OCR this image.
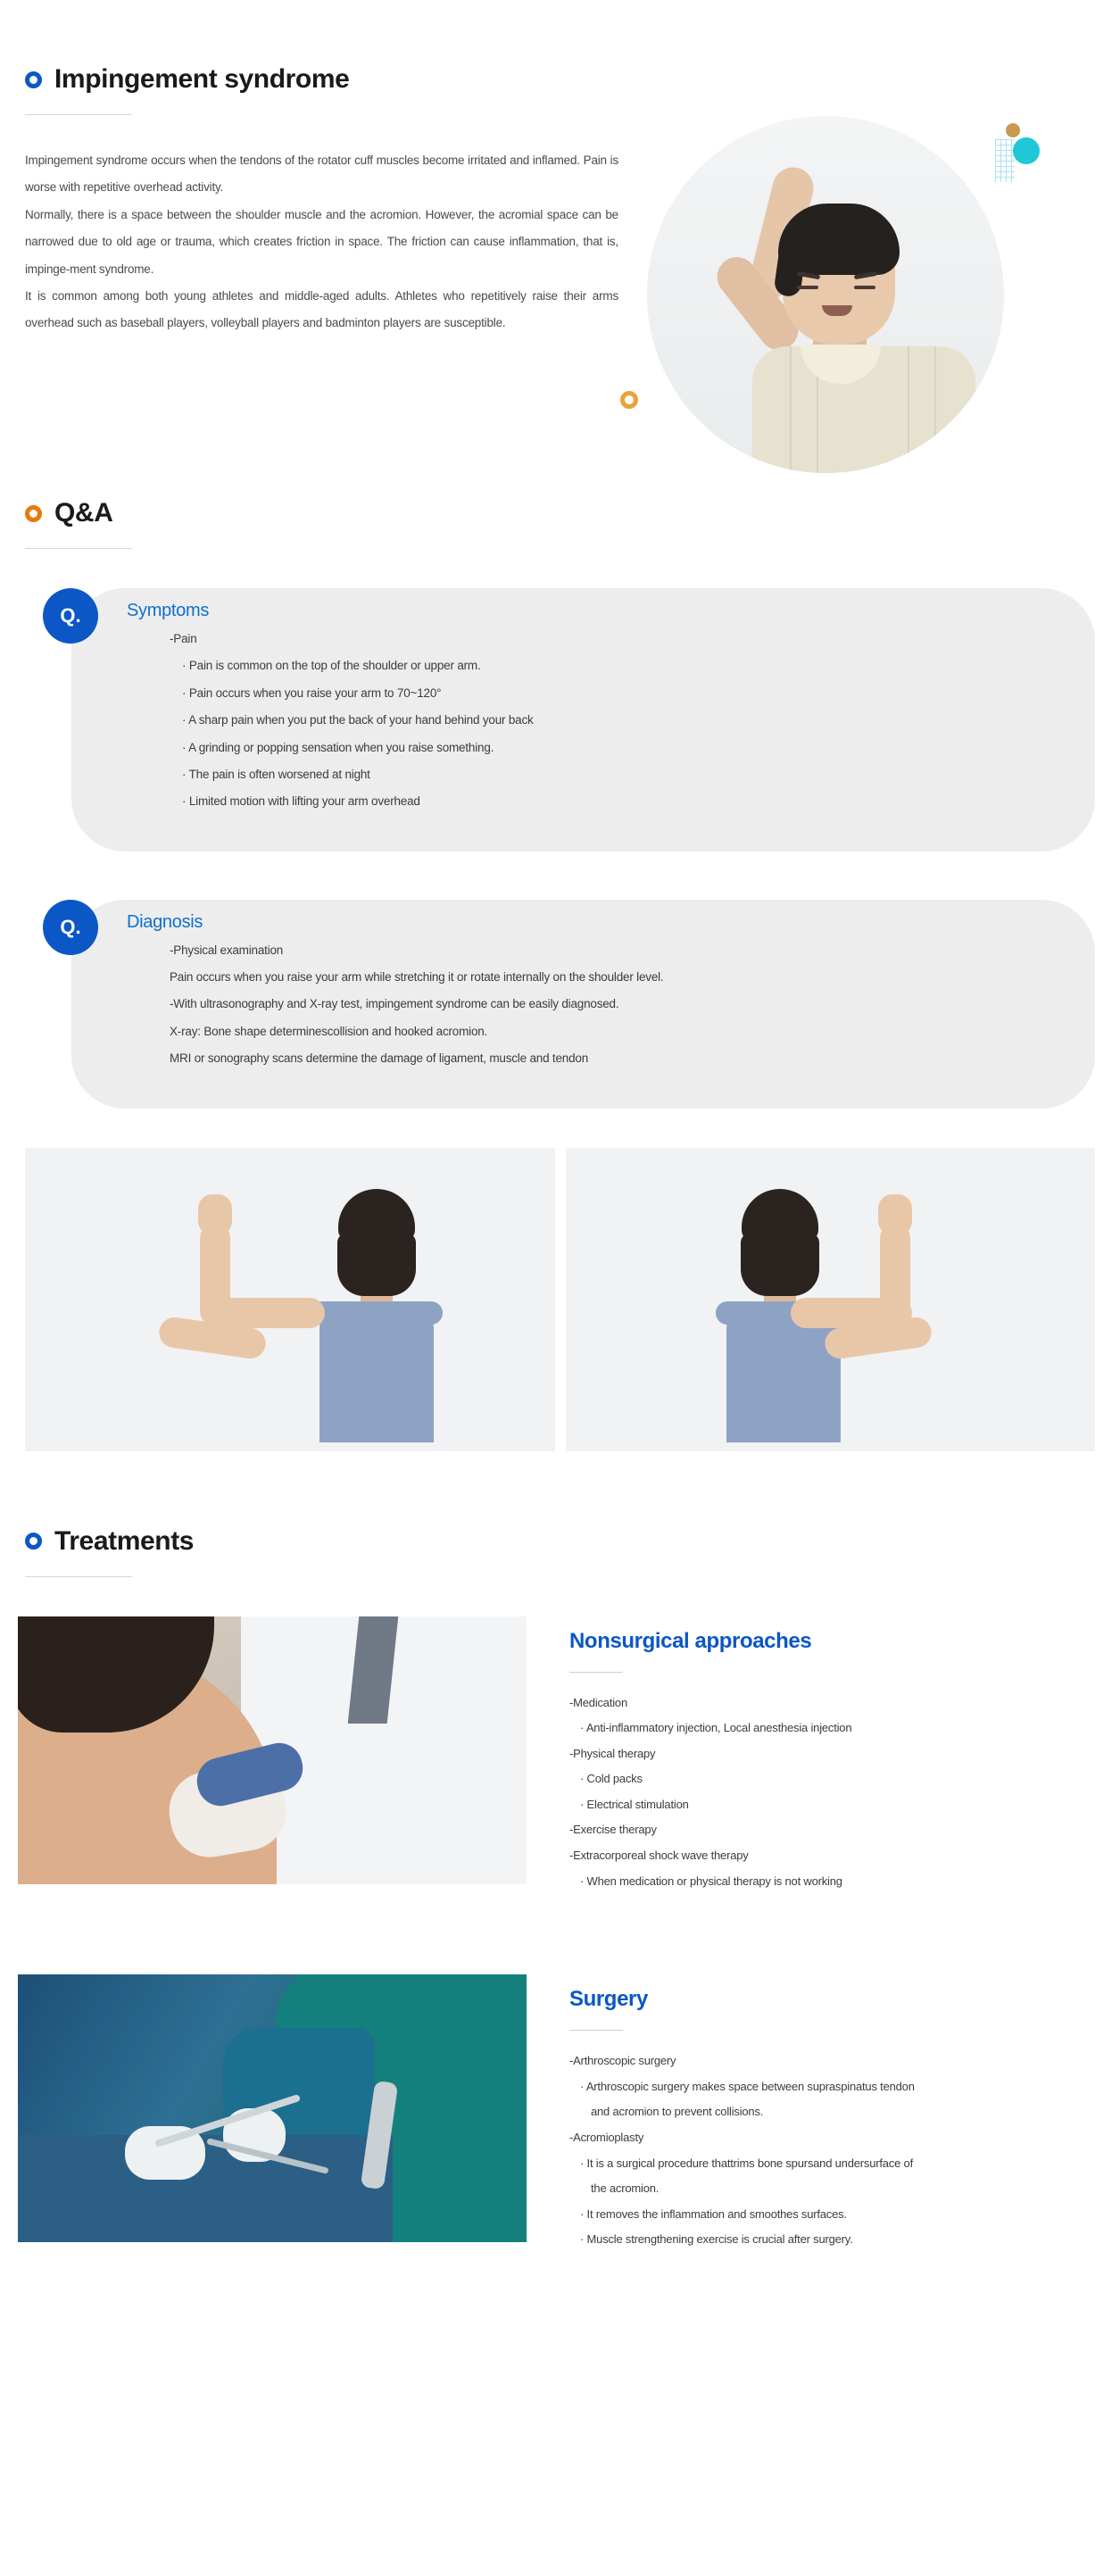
Impingement syndrome

Impingement syndrome occurs when the tendons of the rotator cuff muscles become irritated and inflamed. Pain is worse with repetitive overhead activity.

Normally, there is a space between the shoulder muscle and the acromion. However, the acromial space can be narrowed due to old age or trauma, which creates friction in space. The friction can cause inflammation, that is, impinge-ment syndrome.

It is common among both young athletes and middle-aged adults. Athletes who repetitively raise their arms overhead such as baseball players, volleyball players and badminton players are susceptible.

Q&A
Q.	Symptoms
-Pain
· Pain is common on the top of the shoulder or upper arm.
· Pain occurs when you raise your arm to 70~120°
· A sharp pain when you put the back of your hand behind your back
· A grinding or popping sensation when you raise something.
· The pain is often worsened at night
· Limited motion with lifting your arm overhead
Q.	Diagnosis
-Physical examination
Pain occurs when you raise your arm while stretching it or rotate internally on the shoulder level.
-With ultrasonography and X-ray test, impingement syndrome can be easily diagnosed.
X-ray: Bone shape determinescollision and hooked acromion.
MRI or sonography scans determine the damage of ligament, muscle and tendon
Treatments
Nonsurgical approaches
-Medication
· Anti-inflammatory injection, Local anesthesia injection
-Physical therapy
· Cold packs
· Electrical stimulation
-Exercise therapy
-Extracorporeal shock wave therapy
· When medication or physical therapy is not working
Surgery
-Arthroscopic surgery
· Arthroscopic surgery makes space between supraspinatus tendon
and acromion to prevent collisions.
-Acromioplasty
· It is a surgical procedure thattrims bone spursand undersurface of
the acromion.
· It removes the inflammation and smoothes surfaces.
· Muscle strengthening exercise is crucial after surgery.
